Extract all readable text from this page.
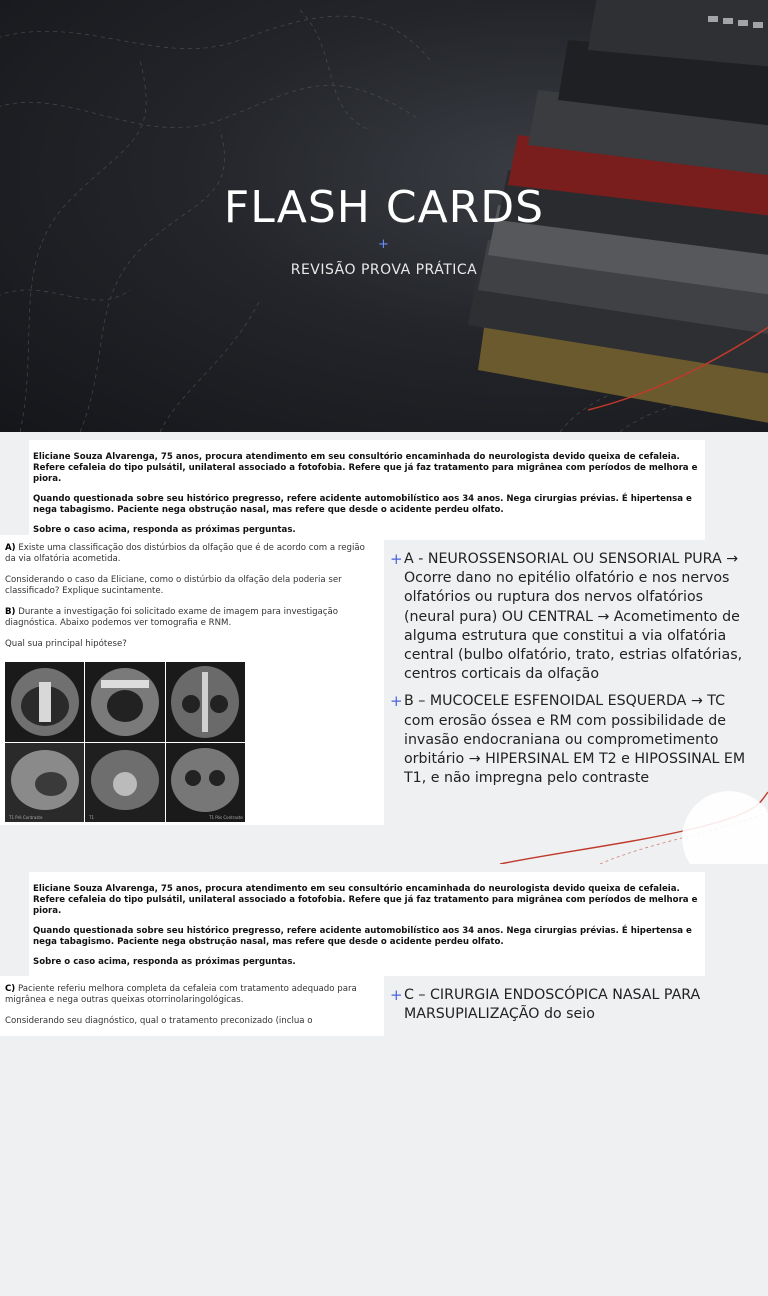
FLASH CARDS
+
REVISÃO PROVA PRÁTICA

Eliciane Souza Alvarenga, 75 anos, procura atendimento em seu consultório encaminhada do neurologista devido queixa de cefaleia. Refere cefaleia do tipo pulsátil, unilateral associado a fotofobia. Refere que já faz tratamento para migrânea com períodos de melhora e piora.

Quando questionada sobre seu histórico pregresso, refere acidente automobilístico aos 34 anos. Nega cirurgias prévias. É hipertensa e nega tabagismo. Paciente nega obstrução nasal, mas refere que desde o acidente perdeu olfato.

Sobre o caso acima, responda as próximas perguntas.

A) Existe uma classificação dos distúrbios da olfação que é de acordo com a região da via olfatória acometida.

Considerando o caso da Eliciane, como o distúrbio da olfação dela poderia ser classificado? Explique sucintamente.

B) Durante a investigação foi solicitado exame de imagem para investigação diagnóstica. Abaixo podemos ver tomografia e RNM.

Qual sua principal hipótese?

T1 Pré Contraste	T1	T1 Pós Contraste
+ A - NEUROSSENSORIAL OU SENSORIAL PURA → Ocorre dano no epitélio olfatório e nos nervos olfatórios ou ruptura dos nervos olfatórios (neural pura) OU CENTRAL → Acometimento de alguma estrutura que constitui a via olfatória central (bulbo olfatório, trato, estrias olfatórias, centros corticais da olfação
+ B – MUCOCELE ESFENOIDAL ESQUERDA → TC com erosão óssea e RM com possibilidade de invasão endocraniana ou comprometimento orbitário → HIPERSINAL EM T2 e HIPOSSINAL EM T1, e não impregna pelo contraste

Eliciane Souza Alvarenga, 75 anos, procura atendimento em seu consultório encaminhada do neurologista devido queixa de cefaleia. Refere cefaleia do tipo pulsátil, unilateral associado a fotofobia. Refere que já faz tratamento para migrânea com períodos de melhora e piora.

Quando questionada sobre seu histórico pregresso, refere acidente automobilístico aos 34 anos. Nega cirurgias prévias. É hipertensa e nega tabagismo. Paciente nega obstrução nasal, mas refere que desde o acidente perdeu olfato.

Sobre o caso acima, responda as próximas perguntas.

C) Paciente referiu melhora completa da cefaleia com tratamento adequado para migrânea e nega outras queixas otorrinolaringológicas.

Considerando seu diagnóstico, qual o tratamento preconizado (inclua o

+ C – CIRURGIA ENDOSCÓPICA NASAL PARA MARSUPIALIZAÇÃO do seio
